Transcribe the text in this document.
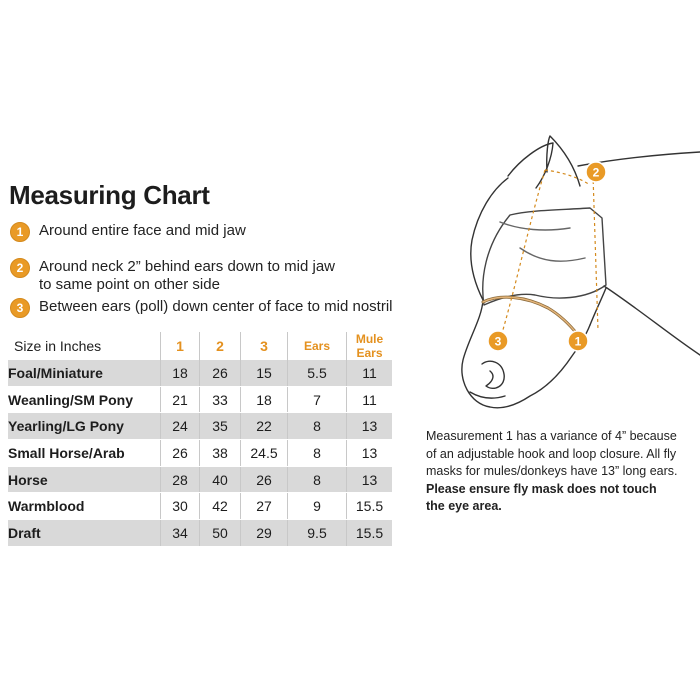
Measuring Chart
1	Around entire face and mid jaw
2	Around neck 2” behind ears down to mid jaw
to same point on other side
3	Between ears (poll) down center of face to mid nostril
Size in Inches	1	2	3	Ears	Mule
Ears

Foal/Miniature	18	26	15	5.5	11
Weanling/SM Pony	21	33	18	7	11
Yearling/LG Pony	24	35	22	8	13
Small Horse/Arab	26	38	24.5	8	13
Horse	28	40	26	8	13
Warmblood	30	42	27	9	15.5
Draft	34	50	29	9.5	15.5
2
3	1
Measurement 1 has a variance of 4” because of an adjustable hook and loop closure. All fly masks for mules/donkeys have 13” long ears. Please ensure fly mask does not touch the eye area.
